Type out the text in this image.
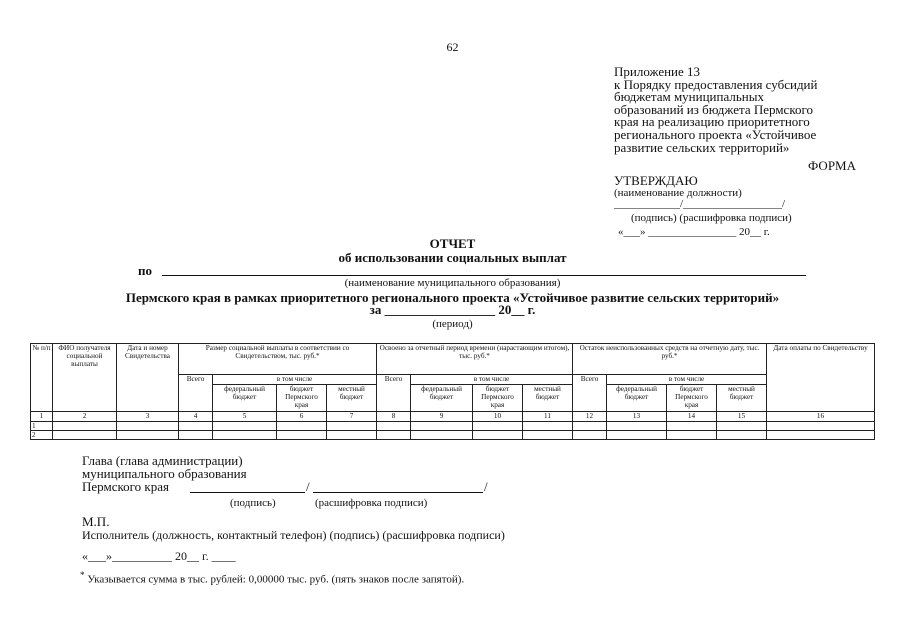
62
Приложение 13
к Порядку предоставления субсидий
бюджетам муниципальных
образований из бюджета Пермского
края на реализацию приоритетного
регионального проекта «Устойчивое
развитие сельских территорий»
ФОРМА
УТВЕРЖДАЮ
(наименование должности)
____________/__________________/
(подпись) (расшифровка подписи)
«___» ________________ 20__ г.
ОТЧЕТ
об использовании социальных выплат
по
(наименование муниципального образования)
Пермского края в рамках приоритетного регионального проекта «Устойчивое развитие сельских территорий»
за _________________ 20__ г.
(период)
№ п/п	ФИО получателя социальной выплаты	Дата и номер Свидетельства	Размер социальной выплаты в соответствии со Свидетельством, тыс. руб.*				Освоено за отчетный период времени (нарастающим итогом), тыс. руб.*				Остаток неиспользованных средств на отчетную дату, тыс. руб.*				Дата оплаты по Свидетельству
			Всего	в том числе			Всего	в том числе			Всего	в том числе			
				федеральный бюджет	бюджет Пермского края	местный бюджет		федеральный бюджет	бюджет Пермского края	местный бюджет		федеральный бюджет	бюджет Пермского края	местный бюджет	
1	2	3	4	5	6	7	8	9	10	11	12	13	14	15	16
1															
2															
Глава (глава администрации)
муниципального образования
Пермского края	/	/
(подпись)	(расшифровка подписи)
М.П.
Исполнитель (должность, контактный телефон) (подпись) (расшифровка подписи)
«___»__________ 20__ г. ____
* Указывается сумма в тыс. рублей: 0,00000 тыс. руб. (пять знаков после запятой).
